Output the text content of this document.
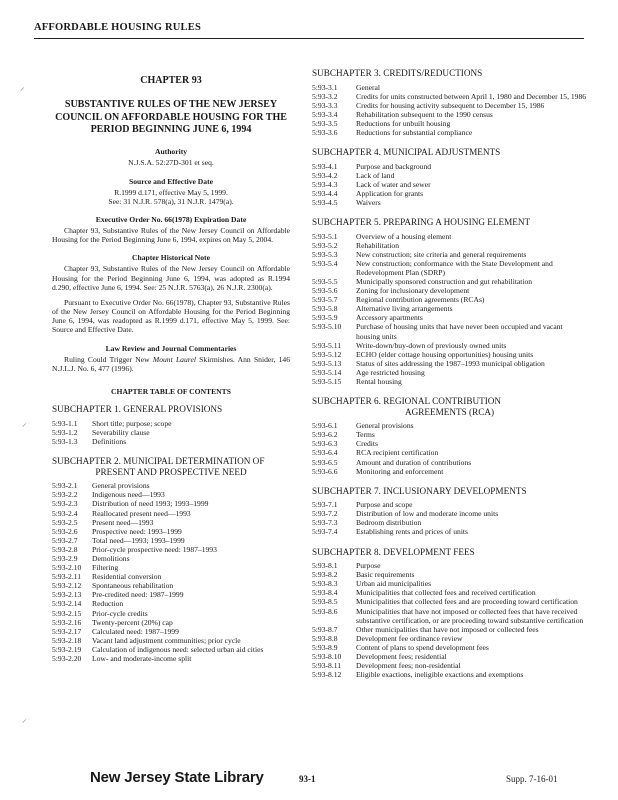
AFFORDABLE HOUSING RULES
⸝
⸝
⸝
CHAPTER 93
SUBSTANTIVE RULES OF THE NEW JERSEY COUNCIL ON AFFORDABLE HOUSING FOR THE PERIOD BEGINNING JUNE 6, 1994
Authority
N.J.S.A. 52:27D-301 et seq.
Source and Effective Date
R.1999 d.171, effective May 5, 1999.
See: 31 N.J.R. 578(a), 31 N.J.R. 1479(a).
Executive Order No. 66(1978) Expiration Date
Chapter 93, Substantive Rules of the New Jersey Council on Affordable Housing for the Period Beginning June 6, 1994, expires on May 5, 2004.
Chapter Historical Note
Chapter 93, Substantive Rules of the New Jersey Council on Affordable Housing for the Period Beginning June 6, 1994, was adopted as R.1994 d.290, effective June 6, 1994. See: 25 N.J.R. 5763(a), 26 N.J.R. 2300(a).
Pursuant to Executive Order No. 66(1978), Chapter 93, Substantive Rules of the New Jersey Council on Affordable Housing for the Period Beginning June 6, 1994, was readopted as R.1999 d.171, effective May 5, 1999. See: Source and Effective Date.
Law Review and Journal Commentaries
Ruling Could Trigger New Mount Laurel Skirmishes. Ann Snider, 146 N.J.L.J. No. 6, 477 (1996).
CHAPTER TABLE OF CONTENTS
SUBCHAPTER 1. GENERAL PROVISIONS
5:93-1.1	Short title; purpose; scope
5:93-1.2	Severability clause
5:93-1.3	Definitions
SUBCHAPTER 2. MUNICIPAL DETERMINATION OF
PRESENT AND PROSPECTIVE NEED
5:93-2.1	General provisions
5:93-2.2	Indigenous need—1993
5:93-2.3	Distribution of need 1993; 1993–1999
5:93-2.4	Reallocated present need—1993
5:93-2.5	Present need—1993
5:93-2.6	Prospective need: 1993–1999
5:93-2.7	Total need—1993; 1993–1999
5:93-2.8	Prior-cycle prospective need: 1987–1993
5:93-2.9	Demolitions
5:93-2.10	Filtering
5:93-2.11	Residential conversion
5:93-2.12	Spontaneous rehabilitation
5:93-2.13	Pre-credited need: 1987–1999
5:93-2.14	Reduction
5:93-2.15	Prior-cycle credits
5:93-2.16	Twenty-percent (20%) cap
5:93-2.17	Calculated need: 1987–1999
5:93-2.18	Vacant land adjustment communities; prior cycle
5:93-2.19	Calculation of indigenous need: selected urban aid cities
5:93-2.20	Low- and moderate-income split
SUBCHAPTER 3. CREDITS/REDUCTIONS
5:93-3.1	General
5:93-3.2	Credits for units constructed between April 1, 1980 and December 15, 1986
5:93-3.3	Credits for housing activity subsequent to December 15, 1986
5:93-3.4	Rehabilitation subsequent to the 1990 census
5:93-3.5	Reductions for unbuilt housing
5:93-3.6	Reductions for substantial compliance
SUBCHAPTER 4. MUNICIPAL ADJUSTMENTS
5:93-4.1	Purpose and background
5:93-4.2	Lack of land
5:93-4.3	Lack of water and sewer
5:93-4.4	Application for grants
5:93-4.5	Waivers
SUBCHAPTER 5. PREPARING A HOUSING ELEMENT
5:93-5.1	Overview of a housing element
5:93-5.2	Rehabilitation
5:93-5.3	New construction; site criteria and general requirements
5:93-5.4	New construction; conformance with the State Development and Redevelopment Plan (SDRP)
5:93-5.5	Municipally sponsored construction and gut rehabilitation
5:93-5.6	Zoning for inclusionary development
5:93-5.7	Regional contribution agreements (RCAs)
5:93-5.8	Alternative living arrangements
5:93-5.9	Accessory apartments
5:93-5.10	Purchase of housing units that have never been occupied and vacant housing units
5:93-5.11	Write-down/buy-down of previously owned units
5:93-5.12	ECHO (elder cottage housing opportunities) housing units
5:93-5.13	Status of sites addressing the 1987–1993 municipal obligation
5:93-5.14	Age restricted housing
5:93-5.15	Rental housing
SUBCHAPTER 6. REGIONAL CONTRIBUTION
AGREEMENTS (RCA)
5:93-6.1	General provisions
5:93-6.2	Terms
5:93-6.3	Credits
5:93-6.4	RCA recipient certification
5:93-6.5	Amount and duration of contributions
5:93-6.6	Monitoring and enforcement
SUBCHAPTER 7. INCLUSIONARY DEVELOPMENTS
5:93-7.1	Purpose and scope
5:93-7.2	Distribution of low and moderate income units
5:93-7.3	Bedroom distribution
5:93-7.4	Establishing rents and prices of units
SUBCHAPTER 8. DEVELOPMENT FEES
5:93-8.1	Purpose
5:93-8.2	Basic requirements
5:93-8.3	Urban aid municipalities
5:93-8.4	Municipalities that collected fees and received certification
5:93-8.5	Municipalities that collected fees and are proceeding toward certification
5:93-8.6	Municipalities that have not imposed or collected fees that have received substantive certification, or are proceeding toward substantive certification
5:93-8.7	Other municipalities that have not imposed or collected fees
5:93-8.8	Development fee ordinance review
5:93-8.9	Content of plans to spend development fees
5:93-8.10	Development fees; residential
5:93-8.11	Development fees; non-residential
5:93-8.12	Eligible exactions, ineligible exactions and exemptions
New Jersey State Library	93-1	Supp. 7-16-01
